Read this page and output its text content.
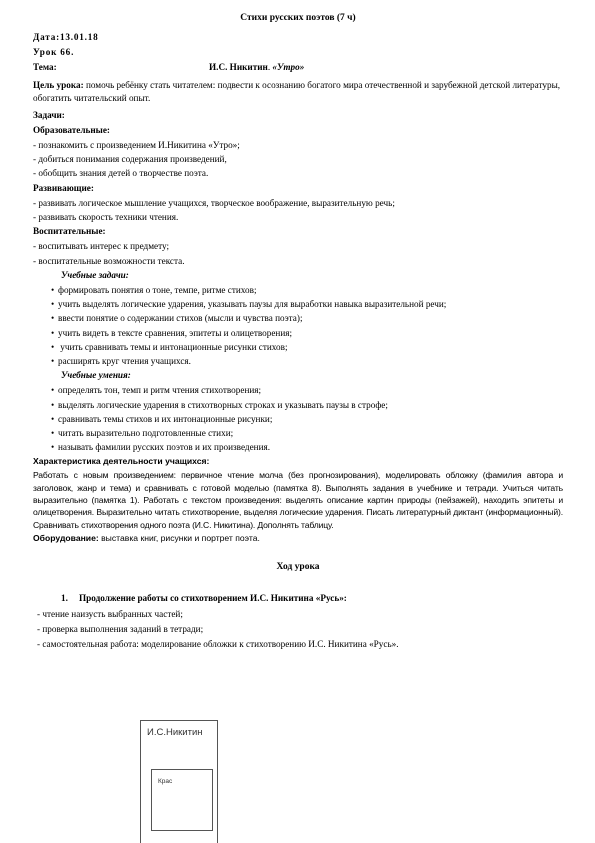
Стихи русских поэтов (7 ч)
Дата:13.01.18
Урок 66.
Тема:	И.С. Никитин. «Утро»
Цель урока: помочь ребёнку стать читателем: подвести к осознанию богатого мира отечественной и зарубежной детской литературы, обогатить читательский опыт.
Задачи:
Образовательные:
- познакомить с произведением И.Никитина «Утро»;
- добиться понимания содержания произведений,
- обобщить знания детей о творчестве поэта.
Развивающие:
- развивать логическое мышление учащихся, творческое воображение, выразительную речь;
- развивать скорость техники чтения.
Воспитательные:
- воспитывать интерес к предмету;
- воспитательные возможности текста.
Учебные задачи:
• формировать понятия о тоне, темпе, ритме стихов;
• учить выделять логические ударения, указывать паузы для выработки навыка выразительной речи;
• ввести понятие о содержании стихов (мысли и чувства поэта);
• учить видеть в тексте сравнения, эпитеты и олицетворения;
• учить сравнивать темы и интонационные рисунки стихов;
• расширять круг чтения учащихся.
Учебные умения:
• определять тон, темп и ритм чтения стихотворения;
• выделять логические ударения в стихотворных строках и указывать паузы в строфе;
• сравнивать темы стихов и их интонационные рисунки;
• читать выразительно подготовленные стихи;
• называть фамилии русских поэтов и их произведения.
Характеристика деятельности учащихся:
Работать с новым произведением: первичное чтение молча (без прогнозирования), моделировать обложку (фамилия автора и заголовок, жанр и тема) и сравнивать с готовой моделью (памятка 8). Выполнять задания в учебнике и тетради. Учиться читать выразительно (памятка 1). Работать с текстом произведения: выделять описание картин природы (пейзажей), находить эпитеты и олицетворения. Выразительно читать стихотворение, выделяя логические ударения. Писать литературный диктант (информационный). Сравнивать стихотворения одного поэта (И.С. Никитина). Дополнять таблицу.
Оборудование: выставка книг, рисунки и портрет поэта.
Ход урока
1. Продолжение работы со стихотворением И.С. Никитина «Русь»:
- чтение наизусть выбранных частей;
- проверка выполнения заданий в тетради;
- самостоятельная работа: моделирование обложки к стихотворению И.С. Никитина «Русь».
И.С.Никитин
Крас
